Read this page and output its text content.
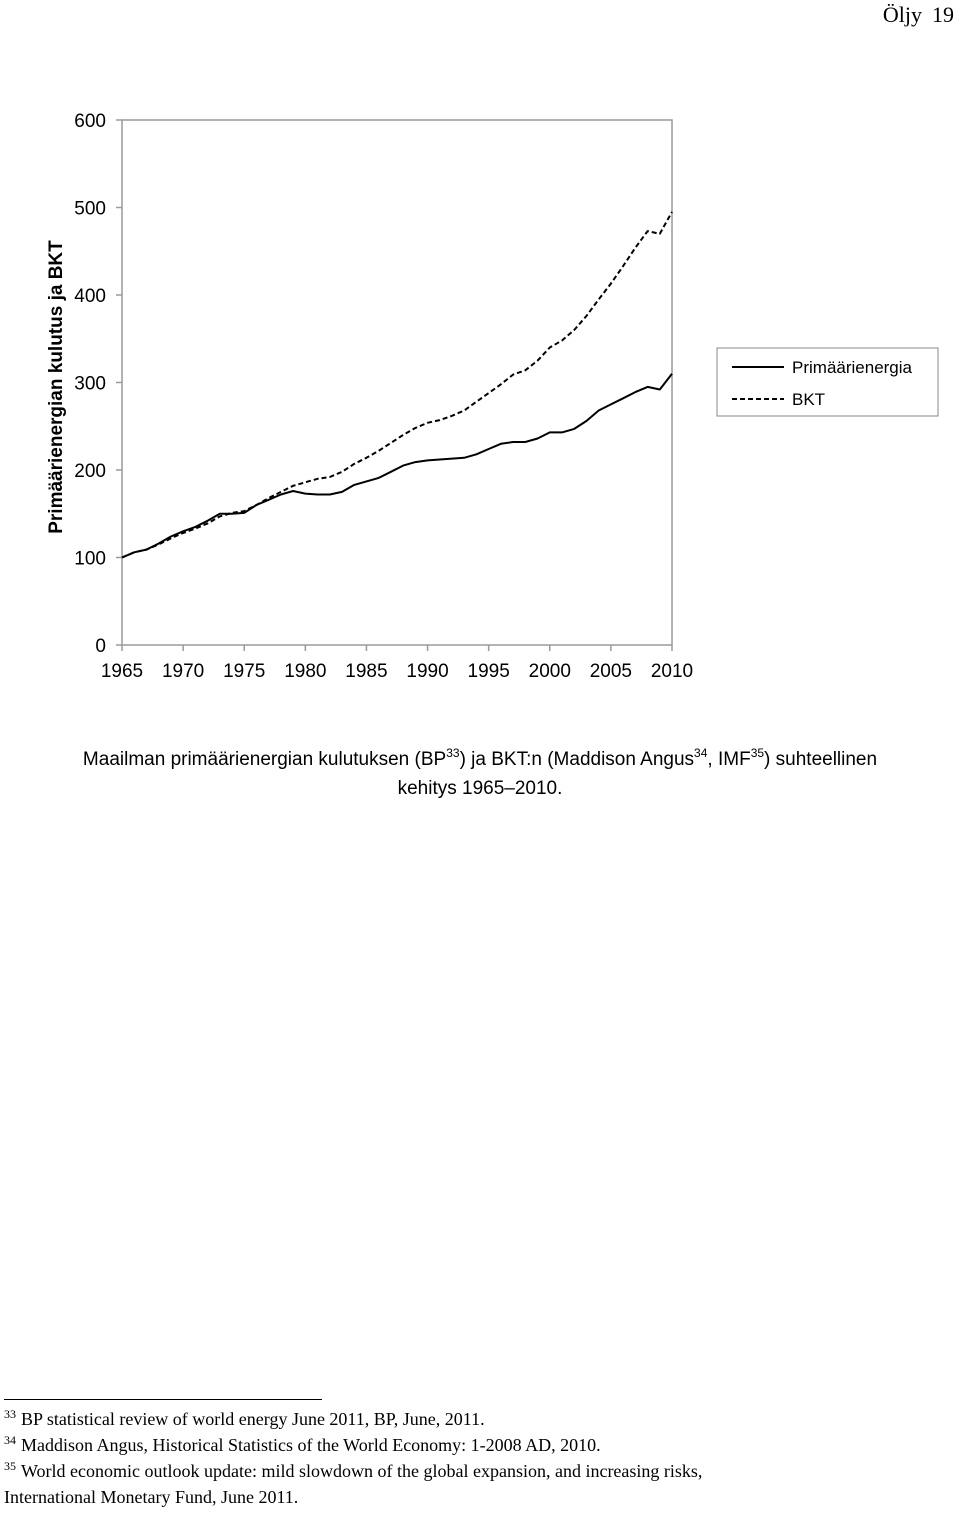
Öljy 19
0
100
200
300
400
500
600
1965 1970 1975 1980 1985 1990 1995 2000 2005 2010
Primäärienergian kulutus ja BKT	Primäärienergia
BKT
Maailman primäärienergian kulutuksen (BP$^{33}$) ja BKT:n (Maddison Angus$^{34}$, IMF$^{35}$) suhteellinen
kehitys 1965–2010.

$^{33}$ BP statistical review of world energy June 2011, BP, June, 2011.

$^{34}$ Maddison Angus, Historical Statistics of the World Economy: 1-2008 AD, 2010.

$^{35}$ World economic outlook update: mild slowdown of the global expansion, and increasing risks,

International Monetary Fund, June 2011.
